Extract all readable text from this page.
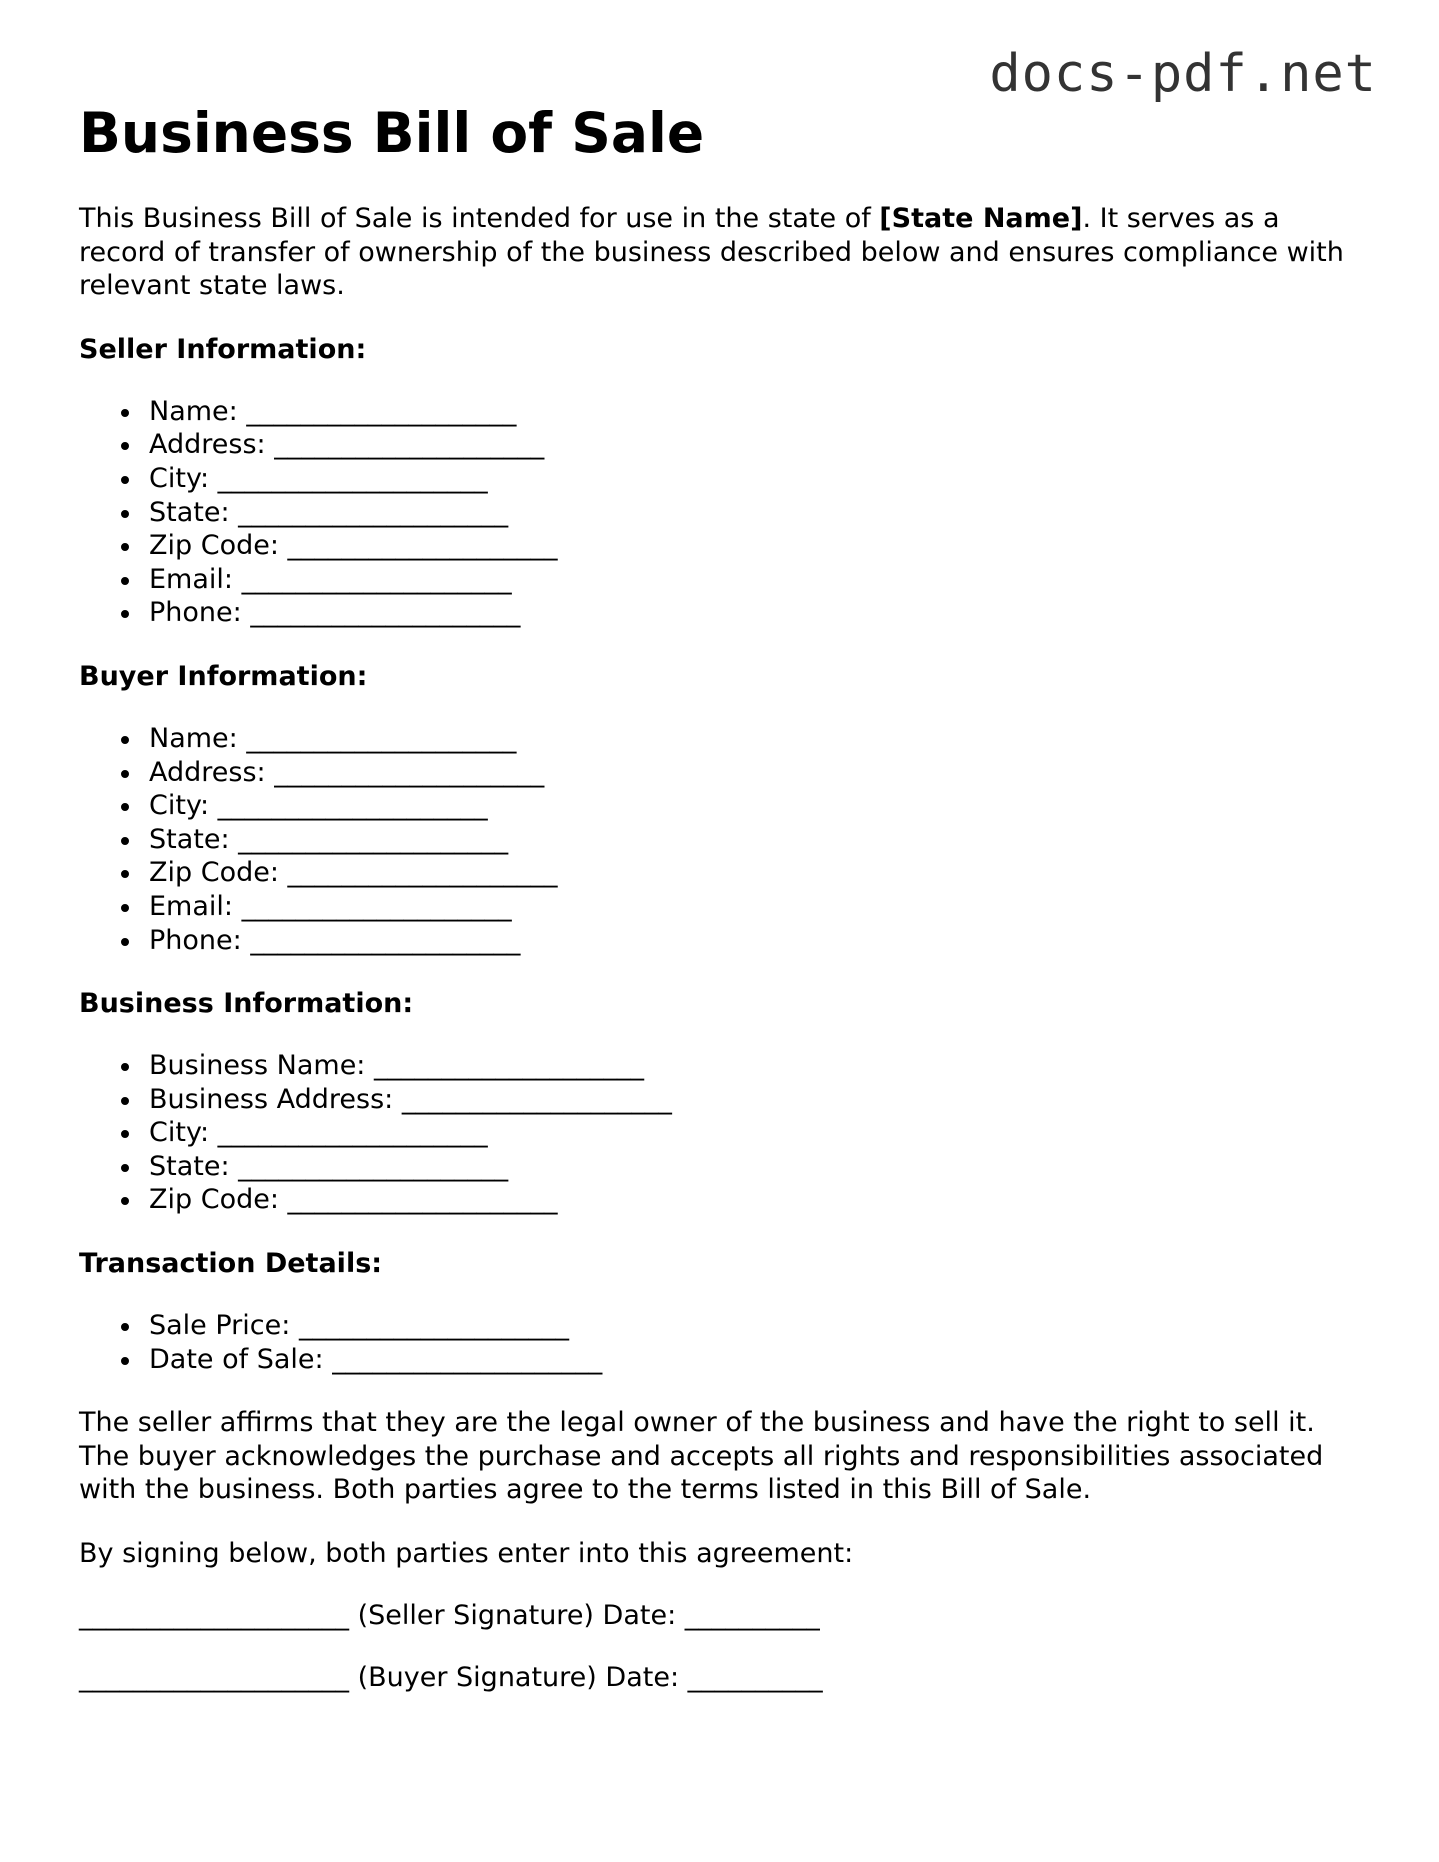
docs-pdf.net
Business Bill of Sale

This Business Bill of Sale is intended for use in the state of [State Name]. It serves as a record of transfer of ownership of the business described below and ensures compliance with relevant state laws.

Seller Information:
Name: ____________________
Address: ____________________
City: ____________________
State: ____________________
Zip Code: ____________________
Email: ____________________
Phone: ____________________
Buyer Information:
Name: ____________________
Address: ____________________
City: ____________________
State: ____________________
Zip Code: ____________________
Email: ____________________
Phone: ____________________
Business Information:
Business Name: ____________________
Business Address: ____________________
City: ____________________
State: ____________________
Zip Code: ____________________
Transaction Details:
Sale Price: ____________________
Date of Sale: ____________________

The seller affirms that they are the legal owner of the business and have the right to sell it. The buyer acknowledges the purchase and accepts all rights and responsibilities associated with the business. Both parties agree to the terms listed in this Bill of Sale.

By signing below, both parties enter into this agreement:

____________________ (Seller Signature) Date: __________
____________________ (Buyer Signature) Date: __________
